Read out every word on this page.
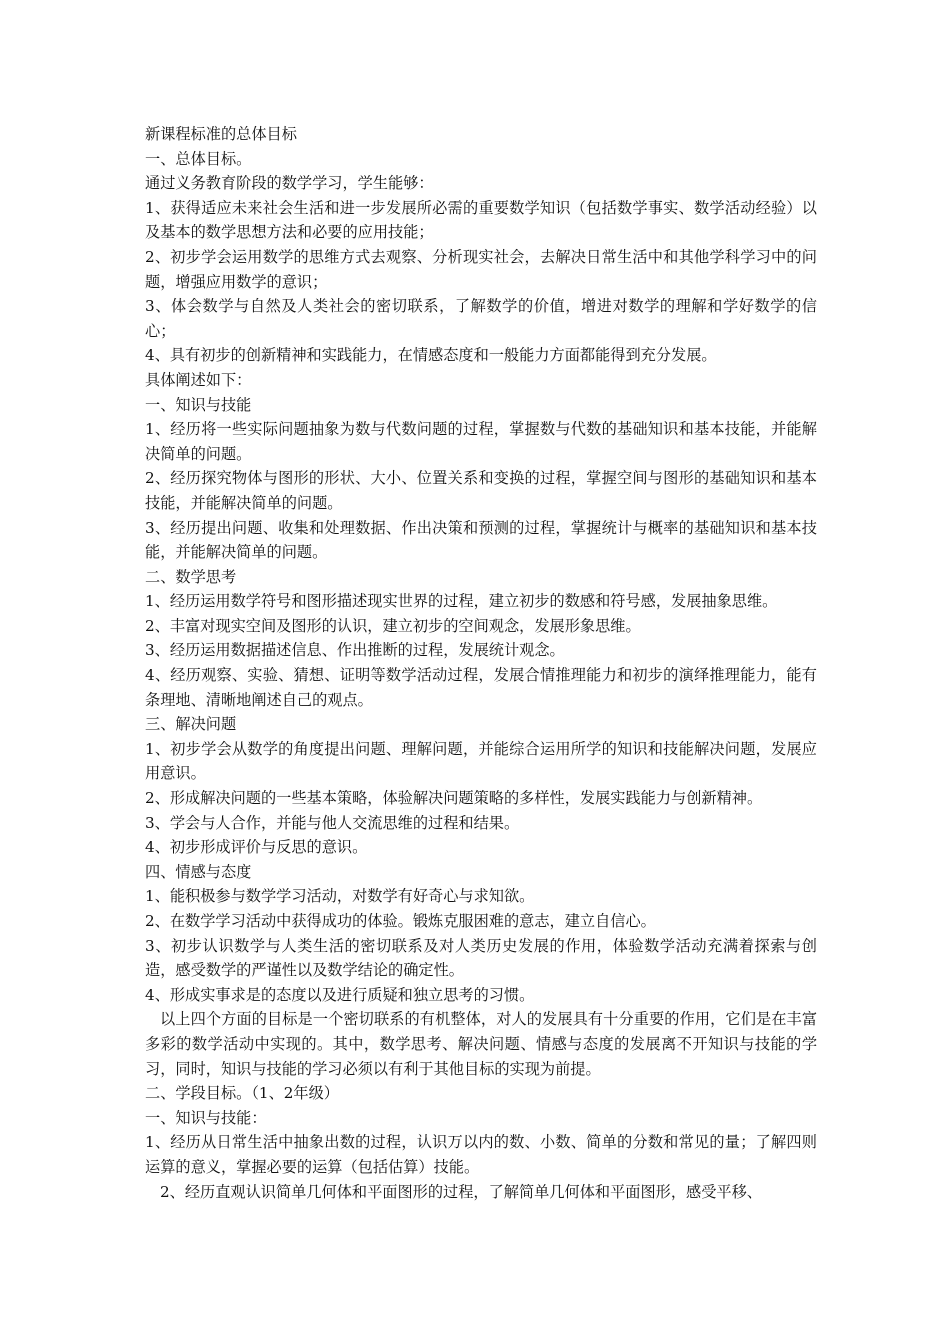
新课程标准的总体目标

一、总体目标。

通过义务教育阶段的数学学习，学生能够：

1、获得适应未来社会生活和进一步发展所必需的重要数学知识（包括数学事实、数学活动经验）以及基本的数学思想方法和必要的应用技能；

2、初步学会运用数学的思维方式去观察、分析现实社会，去解决日常生活中和其他学科学习中的问题，增强应用数学的意识；

3、体会数学与自然及人类社会的密切联系，了解数学的价值，增进对数学的理解和学好数学的信心；

4、具有初步的创新精神和实践能力，在情感态度和一般能力方面都能得到充分发展。

具体阐述如下：

一、知识与技能

1、经历将一些实际问题抽象为数与代数问题的过程，掌握数与代数的基础知识和基本技能，并能解决简单的问题。

2、经历探究物体与图形的形状、大小、位置关系和变换的过程，掌握空间与图形的基础知识和基本技能，并能解决简单的问题。

3、经历提出问题、收集和处理数据、作出决策和预测的过程，掌握统计与概率的基础知识和基本技能，并能解决简单的问题。

二、数学思考

1、经历运用数学符号和图形描述现实世界的过程，建立初步的数感和符号感，发展抽象思维。

2、丰富对现实空间及图形的认识，建立初步的空间观念，发展形象思维。

3、经历运用数据描述信息、作出推断的过程，发展统计观念。

4、经历观察、实验、猜想、证明等数学活动过程，发展合情推理能力和初步的演绎推理能力，能有条理地、清晰地阐述自己的观点。

三、解决问题

1、初步学会从数学的角度提出问题、理解问题，并能综合运用所学的知识和技能解决问题，发展应用意识。

2、形成解决问题的一些基本策略，体验解决问题策略的多样性，发展实践能力与创新精神。

3、学会与人合作，并能与他人交流思维的过程和结果。

4、初步形成评价与反思的意识。

四、情感与态度

1、能积极参与数学学习活动，对数学有好奇心与求知欲。

2、在数学学习活动中获得成功的体验。锻炼克服困难的意志，建立自信心。

3、初步认识数学与人类生活的密切联系及对人类历史发展的作用，体验数学活动充满着探索与创造，感受数学的严谨性以及数学结论的确定性。

4、形成实事求是的态度以及进行质疑和独立思考的习惯。

以上四个方面的目标是一个密切联系的有机整体，对人的发展具有十分重要的作用，它们是在丰富多彩的数学活动中实现的。其中，数学思考、解决问题、情感与态度的发展离不开知识与技能的学习，同时，知识与技能的学习必须以有利于其他目标的实现为前提。

二、学段目标。（1、2年级）

一、知识与技能：

1、经历从日常生活中抽象出数的过程，认识万以内的数、小数、简单的分数和常见的量；了解四则运算的意义，掌握必要的运算（包括估算）技能。

2、经历直观认识简单几何体和平面图形的过程，了解简单几何体和平面图形，感受平移、
